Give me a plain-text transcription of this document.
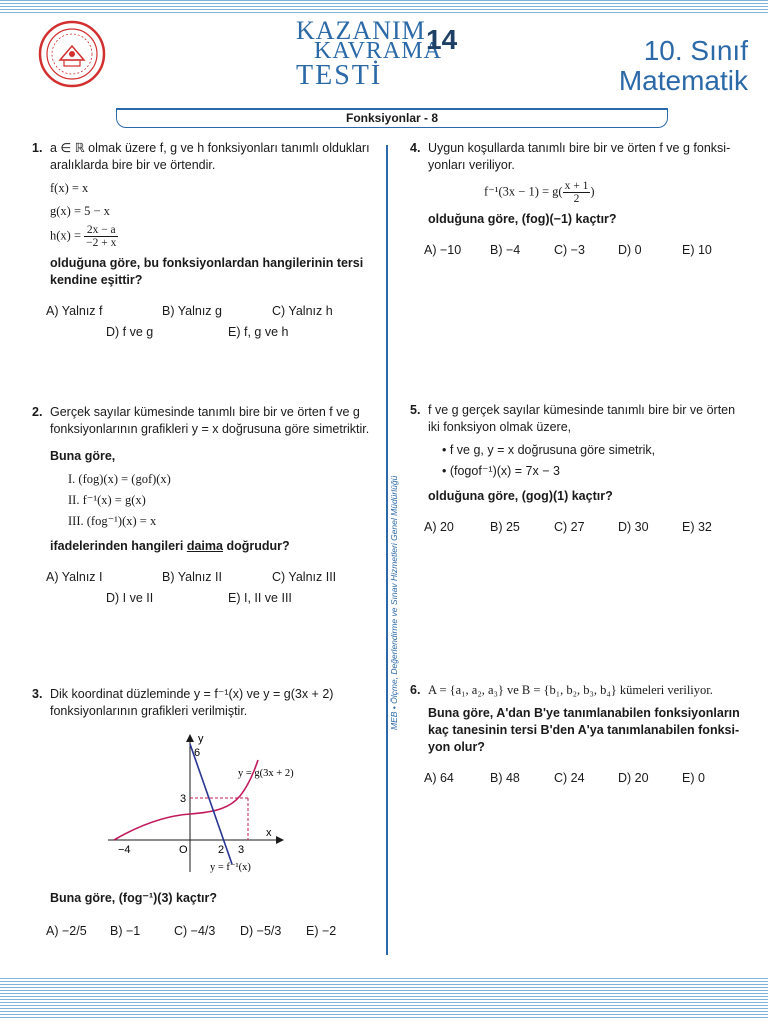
KAZANIM
KAVRAMA
TESTİ
14	10. Sınıf
Matematik
Fonksiyonlar - 8
MEB • Ölçme, Değerlendirme ve Sınav Hizmetleri Genel Müdürlüğü
1. a ∈ ℝ olmak üzere f, g ve h fonksiyonları tanımlı oldukları aralıklarda bire bir ve örtendir.
f(x) = x
g(x) = 5 − x
$h(x) = \frac{2x - a}{-2 + x}$
olduğuna göre, bu fonksiyonlardan hangilerinin tersi kendine eşittir?
A) Yalnız f	B) Yalnız g	C) Yalnız h
D) f ve g	E) f, g ve h
2. Gerçek sayılar kümesinde tanımlı bire bir ve örten f ve g fonksiyonlarının grafikleri y = x doğrusuna göre simetriktir.
Buna göre,
I. (fog)(x) = (gof)(x)
II. f⁻¹(x) = g(x)
III. (fog⁻¹)(x) = x
ifadelerinden hangileri daima doğrudur?
A) Yalnız I	B) Yalnız II	C) Yalnız III
D) I ve II	E) I, II ve III
3. Dik koordinat düzleminde y = f⁻¹(x) ve y = g(3x + 2) fonksiyonlarının grafikleri verilmiştir.
y
x
6
3
−4	O	2 3
y = g(3x + 2)
y = f⁻¹(x)
Buna göre, (fog⁻¹)(3) kaçtır?
A) −2/5 B) −1	C) −4/3 D) −5/3 E) −2
4. Uygun koşullarda tanımlı bire bir ve örten f ve g fonksiyonları veriliyor.
$f^{-1}(3x - 1) = g( \frac{x + 1}{2}$ )
olduğuna göre, (fog)(−1) kaçtır?
A) −10 B) −4	C) −3	D) 0	E) 10
5. f ve g gerçek sayılar kümesinde tanımlı bire bir ve örten iki fonksiyon olmak üzere,
• f ve g, y = x doğrusuna göre simetrik,
• (fogof⁻¹)(x) = 7x − 3
olduğuna göre, (gog)(1) kaçtır?
A) 20	B) 25	C) 27	D) 30	E) 32
6. A = {a₁, a₂, a₃} ve B = {b₁, b₂, b₃, b₄} kümeleri veriliyor.
Buna göre, A'dan B'ye tanımlanabilen fonksiyonların kaç tanesinin tersi B'den A'ya tanımlanabilen fonksiyon olur?
A) 64	B) 48	C) 24	D) 20	E) 0
